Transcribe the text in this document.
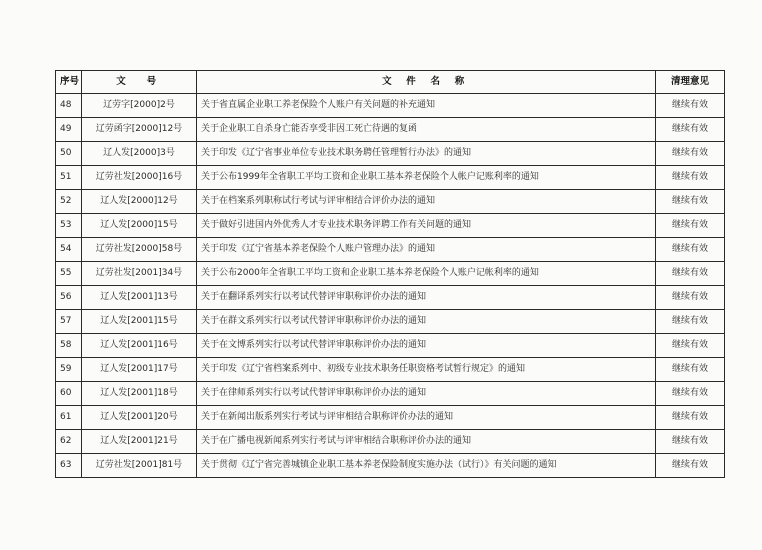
序号	文　号	文 件 名 称	清理意见
48	辽劳字[2000]2号	关于省直属企业职工养老保险个人账户有关问题的补充通知	继续有效
49	辽劳函字[2000]12号	关于企业职工自杀身亡能否享受非因工死亡待遇的复函	继续有效
50	辽人发[2000]3号	关于印发《辽宁省事业单位专业技术职务聘任管理暂行办法》的通知	继续有效
51	辽劳社发[2000]16号	关于公布1999年全省职工平均工资和企业职工基本养老保险个人帐户记账利率的通知	继续有效
52	辽人发[2000]12号	关于在档案系列职称试行考试与评审相结合评价办法的通知	继续有效
53	辽人发[2000]15号	关于做好引进国内外优秀人才专业技术职务评聘工作有关问题的通知	继续有效
54	辽劳社发[2000]58号	关于印发《辽宁省基本养老保险个人账户管理办法》的通知	继续有效
55	辽劳社发[2001]34号	关于公布2000年全省职工平均工资和企业职工基本养老保险个人账户记帐利率的通知	继续有效
56	辽人发[2001]13号	关于在翻译系列实行以考试代替评审职称评价办法的通知	继续有效
57	辽人发[2001]15号	关于在群文系列实行以考试代替评审职称评价办法的通知	继续有效
58	辽人发[2001]16号	关于在文博系列实行以考试代替评审职称评价办法的通知	继续有效
59	辽人发[2001]17号	关于印发《辽宁省档案系列中、初级专业技术职务任职资格考试暂行规定》的通知	继续有效
60	辽人发[2001]18号	关于在律师系列实行以考试代替评审职称评价办法的通知	继续有效
61	辽人发[2001]20号	关于在新闻出版系列实行考试与评审相结合职称评价办法的通知	继续有效
62	辽人发[2001]21号	关于在广播电视新闻系列实行考试与评审相结合职称评价办法的通知	继续有效
63	辽劳社发[2001]81号	关于贯彻《辽宁省完善城镇企业职工基本养老保险制度实施办法（试行）》有关问题的通知	继续有效
